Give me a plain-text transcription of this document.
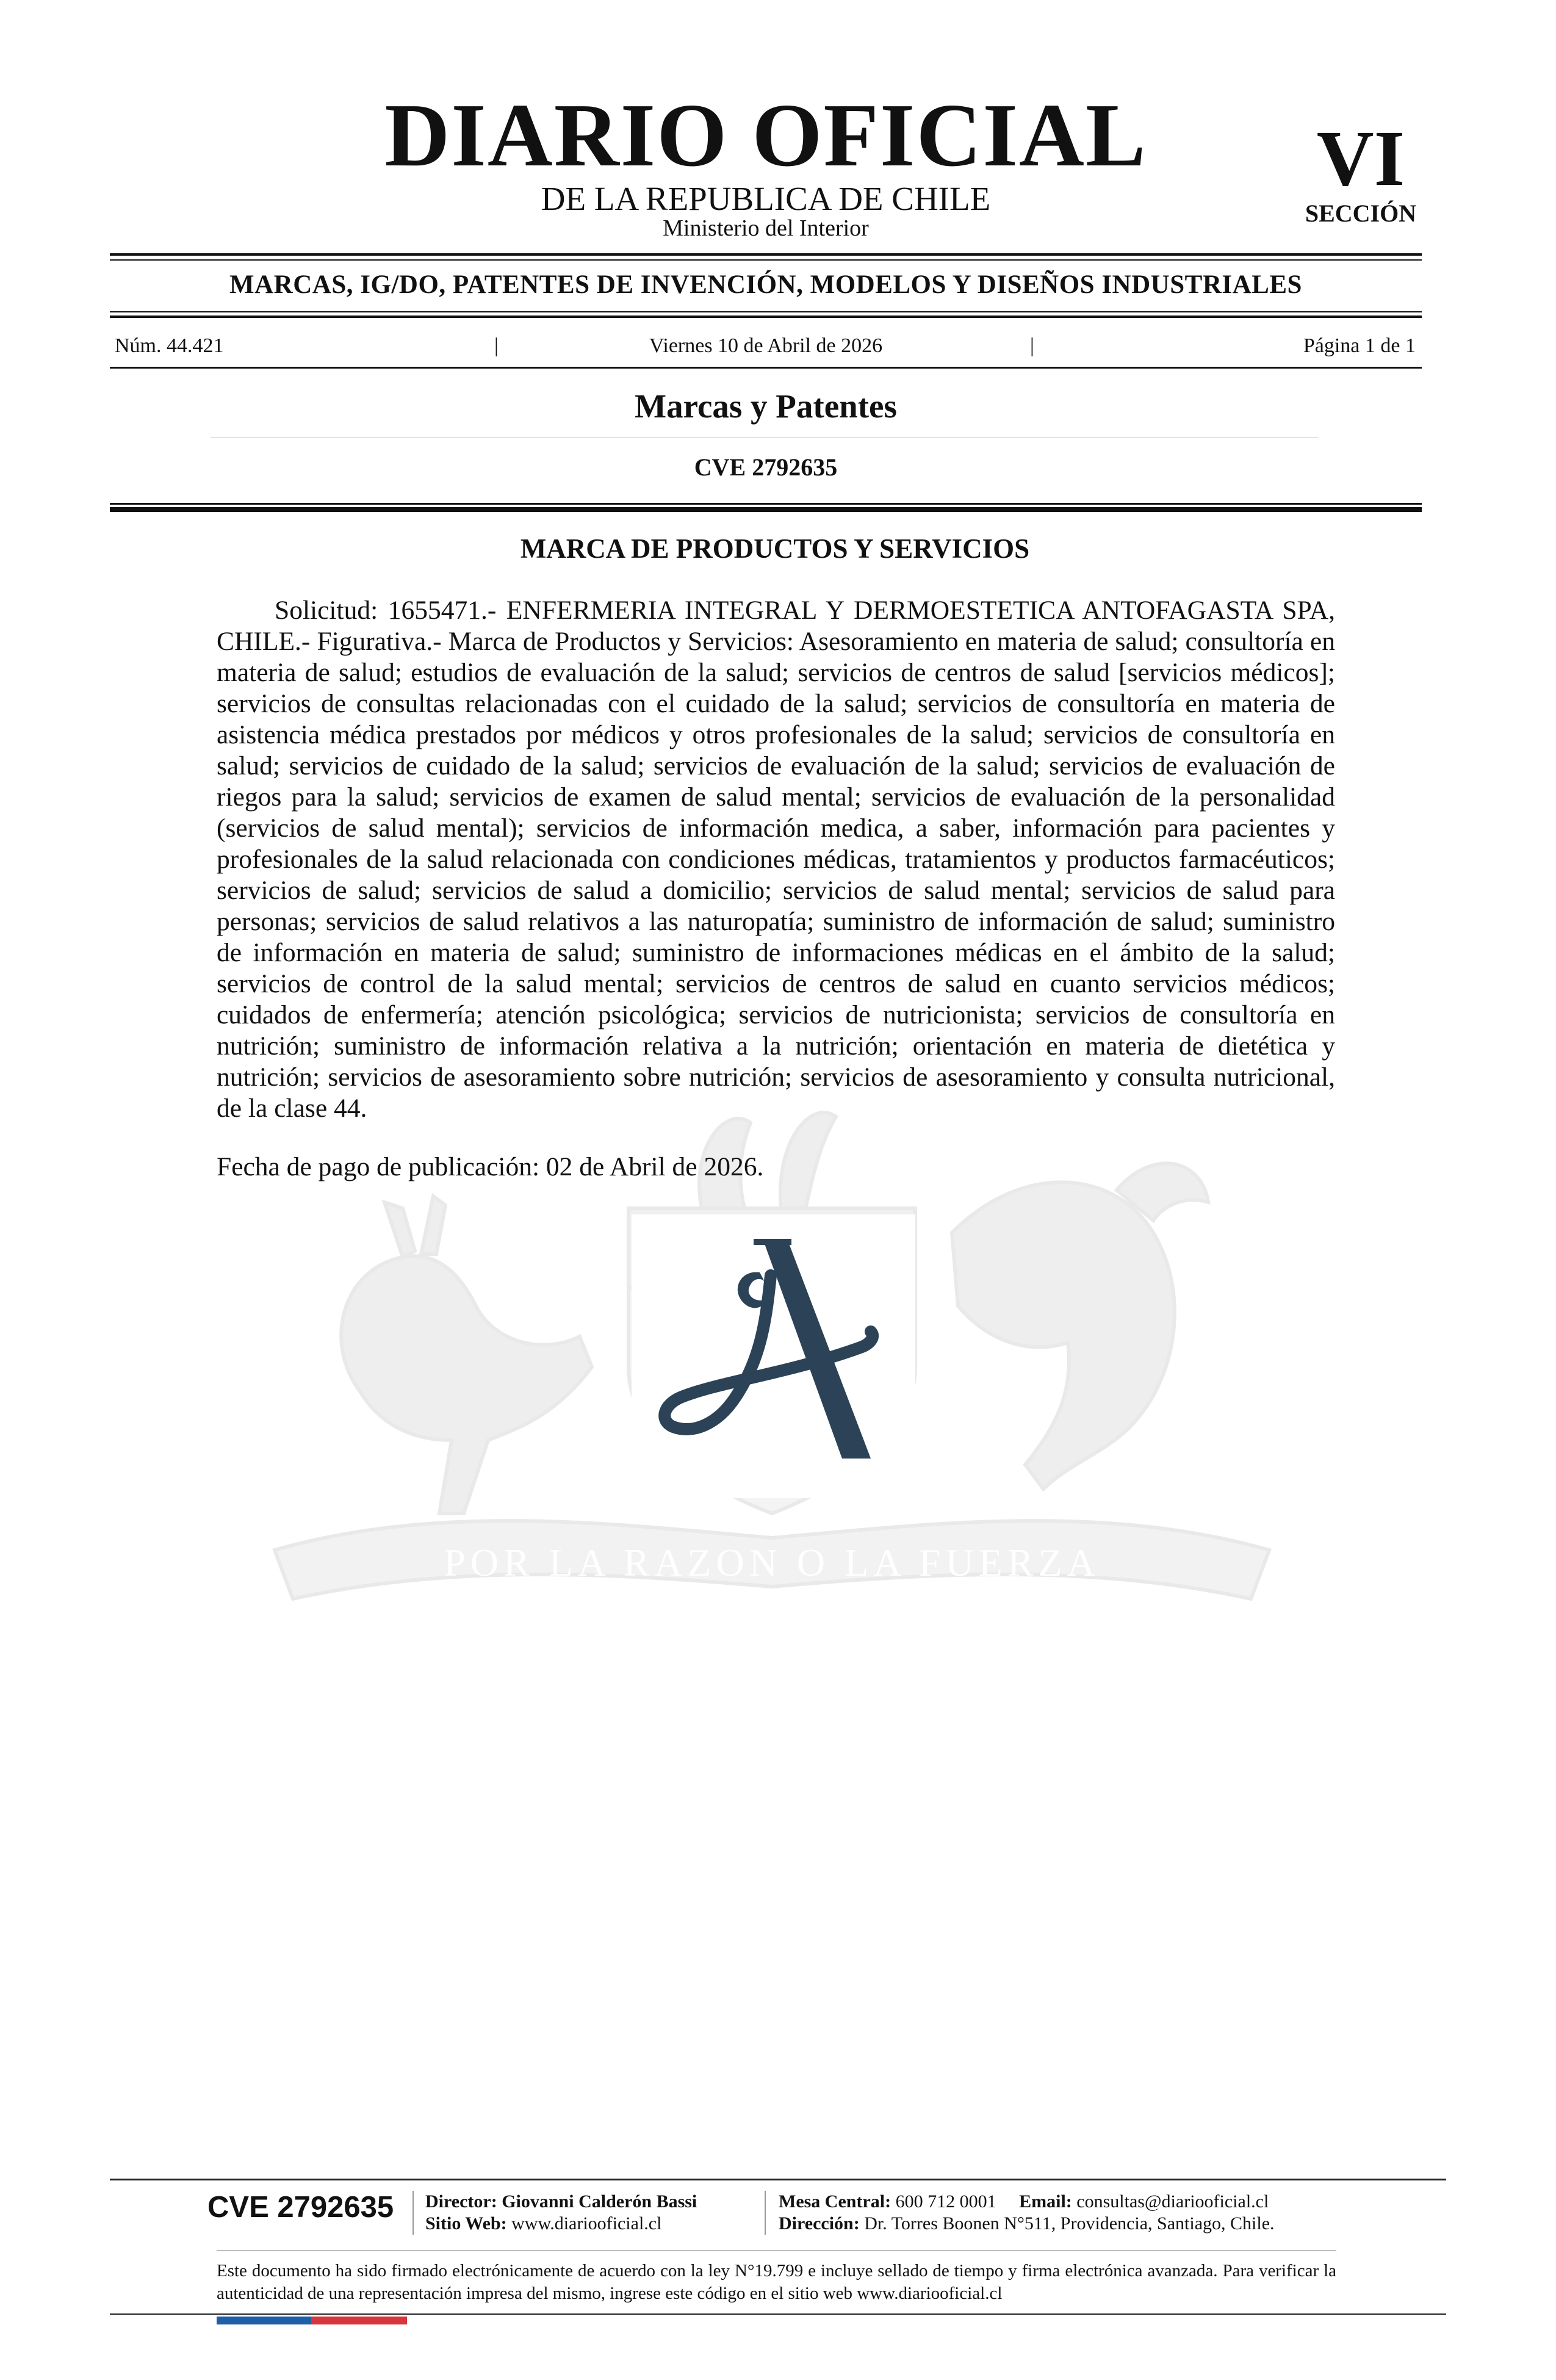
POR LA RAZON O LA FUERZA
DIARIO OFICIAL
DE LA REPUBLICA DE CHILE
Ministerio del Interior
VI
SECCIÓN
MARCAS, IG/DO, PATENTES DE INVENCIÓN, MODELOS Y DISEÑOS INDUSTRIALES
Núm. 44.421	|	Viernes 10 de Abril de 2026	|	Página 1 de 1
Marcas y Patentes
CVE 2792635
MARCA DE PRODUCTOS Y SERVICIOS
Solicitud: 1655471.- ENFERMERIA INTEGRAL Y DERMOESTETICA ANTOFAGASTA SPA, CHILE.- Figurativa.- Marca de Productos y Servicios: Asesoramiento en materia de salud; consultoría en materia de salud; estudios de evaluación de la salud; servicios de centros de salud [servicios médicos]; servicios de consultas relacionadas con el cuidado de la salud; servicios de consultoría en materia de asistencia médica prestados por médicos y otros profesionales de la salud; servicios de consultoría en salud; servicios de cuidado de la salud; servicios de evaluación de la salud; servicios de evaluación de riegos para la salud; servicios de examen de salud mental; servicios de evaluación de la personalidad (servicios de salud mental); servicios de información medica, a saber, información para pacientes y profesionales de la salud relacionada con condiciones médicas, tratamientos y productos farmacéuticos; servicios de salud; servicios de salud a domicilio; servicios de salud mental; servicios de salud para personas; servicios de salud relativos a las naturopatía; suministro de información de salud; suministro de información en materia de salud; suministro de informaciones médicas en el ámbito de la salud; servicios de control de la salud mental; servicios de centros de salud en cuanto servicios médicos; cuidados de enfermería; atención psicológica; servicios de nutricionista; servicios de consultoría en nutrición; suministro de información relativa a la nutrición; orientación en materia de dietética y nutrición; servicios de asesoramiento sobre nutrición; servicios de asesoramiento y consulta nutricional, de la clase 44.
Fecha de pago de publicación: 02 de Abril de 2026.
CVE 2792635 Director: Giovanni Calderón Bassi
Sitio Web: www.diariooficial.cl
Mesa Central: 600 712 0001 Email: consultas@diariooficial.cl
Dirección: Dr. Torres Boonen N°511, Providencia, Santiago, Chile.
Este documento ha sido firmado electrónicamente de acuerdo con la ley N°19.799 e incluye sellado de tiempo y firma electrónica avanzada. Para verificar la autenticidad de una representación impresa del mismo, ingrese este código en el sitio web www.diariooficial.cl
